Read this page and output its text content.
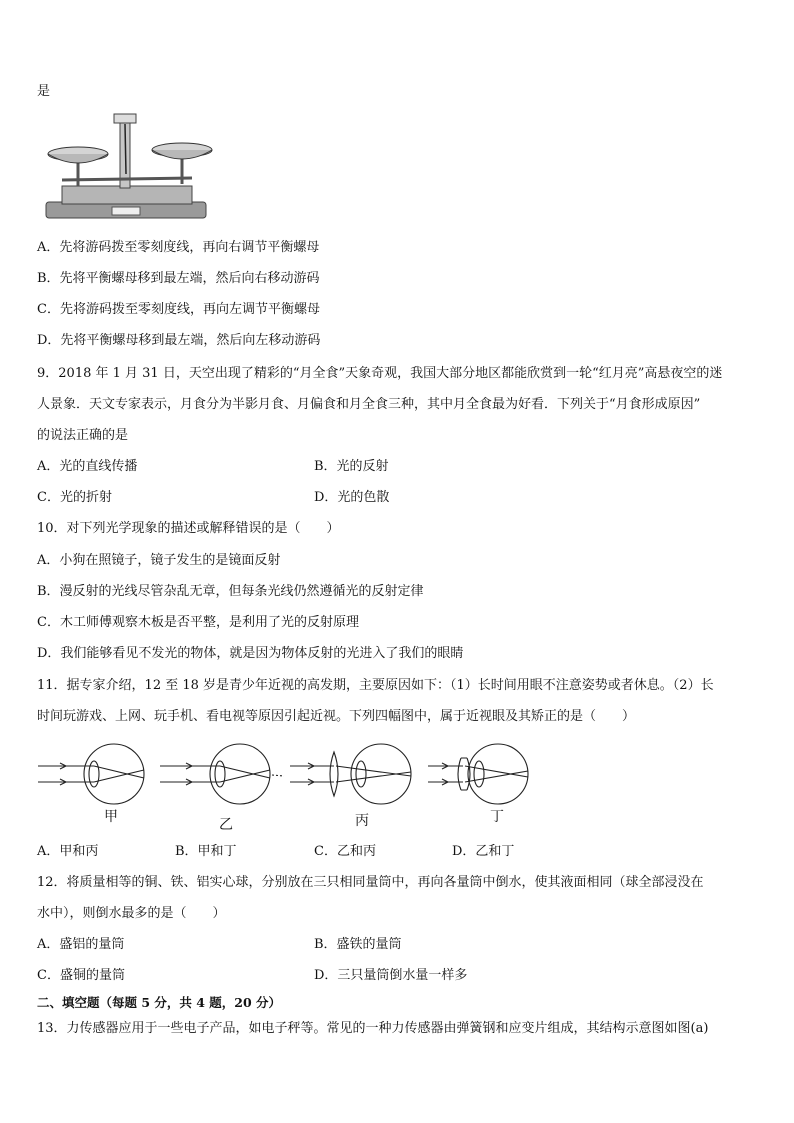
是
A．先将游码拨至零刻度线，再向右调节平衡螺母
B．先将平衡螺母移到最左端，然后向右移动游码
C．先将游码拨至零刻度线，再向左调节平衡螺母
D．先将平衡螺母移到最左端，然后向左移动游码
9．2018 年 1 月 31 日，天空出现了精彩的“月全食”天象奇观，我国大部分地区都能欣赏到一轮“红月亮”高悬夜空的迷
人景象．天文专家表示，月食分为半影月食、月偏食和月全食三种，其中月全食最为好看．下列关于“月食形成原因”
的说法正确的是
A．光的直线传播	B．光的反射
C．光的折射	D．光的色散
10．对下列光学现象的描述或解释错误的是（　　）
A．小狗在照镜子，镜子发生的是镜面反射
B．漫反射的光线尽管杂乱无章，但每条光线仍然遵循光的反射定律
C．木工师傅观察木板是否平整，是利用了光的反射原理
D．我们能够看见不发光的物体，就是因为物体反射的光进入了我们的眼睛
11．据专家介绍，12 至 18 岁是青少年近视的高发期，主要原因如下：（1）长时间用眼不注意姿势或者休息。（2）长
时间玩游戏、上网、玩手机、看电视等原因引起近视。下列四幅图中，属于近视眼及其矫正的是（　　）
甲	乙	丙	丁
A．甲和丙	B．甲和丁	C．乙和丙	D．乙和丁
12．将质量相等的铜、铁、铝实心球，分别放在三只相同量筒中，再向各量筒中倒水，使其液面相同（球全部浸没在
水中），则倒水最多的是（　　）
A．盛铝的量筒	B．盛铁的量筒
C．盛铜的量筒	D．三只量筒倒水量一样多
二、填空题（每题 5 分，共 4 题，20 分）
13．力传感器应用于一些电子产品，如电子秤等。常见的一种力传感器由弹簧钢和应变片组成，其结构示意图如图(a)
